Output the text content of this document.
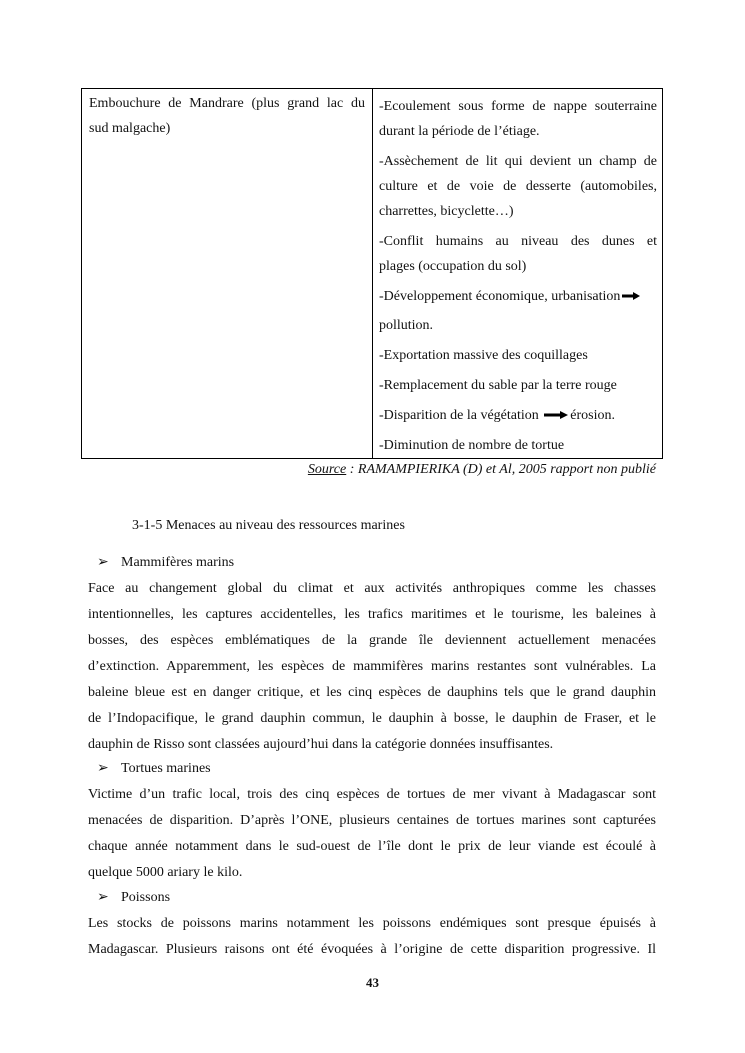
Embouchure de Mandrare (plus grand lac du
sud malgache)
-Ecoulement sous forme de nappe souterraine
durant la période de l’étiage.
-Assèchement de lit qui devient un champ de
culture et de voie de desserte (automobiles,
charrettes, bicyclette…)
-Conflit humains au niveau des dunes et
plages (occupation du sol)
-Développement économique, urbanisation
pollution.
-Exportation massive des coquillages
-Remplacement du sable par la terre rouge
-Disparition de la végétation érosion.
-Diminution de nombre de tortue
Source : RAMAMPIERIKA (D) et Al, 2005 rapport non publié
3-1-5 Menaces au niveau des ressources marines
➢ Mammifères marins
Face au changement global du climat et aux activités anthropiques comme les chasses
intentionnelles, les captures accidentelles, les trafics maritimes et le tourisme, les baleines à
bosses, des espèces emblématiques de la grande île deviennent actuellement menacées
d’extinction. Apparemment, les espèces de mammifères marins restantes sont vulnérables. La
baleine bleue est en danger critique, et les cinq espèces de dauphins tels que le grand dauphin
de l’Indopacifique, le grand dauphin commun, le dauphin à bosse, le dauphin de Fraser, et le
dauphin de Risso sont classées aujourd’hui dans la catégorie données insuffisantes.
➢ Tortues marines
Victime d’un trafic local, trois des cinq espèces de tortues de mer vivant à Madagascar sont
menacées de disparition. D’après l’ONE, plusieurs centaines de tortues marines sont capturées
chaque année notamment dans le sud-ouest de l’île dont le prix de leur viande est écoulé à
quelque 5000 ariary le kilo.
➢ Poissons
Les stocks de poissons marins notamment les poissons endémiques sont presque épuisés à
Madagascar. Plusieurs raisons ont été évoquées à l’origine de cette disparition progressive. Il
43
